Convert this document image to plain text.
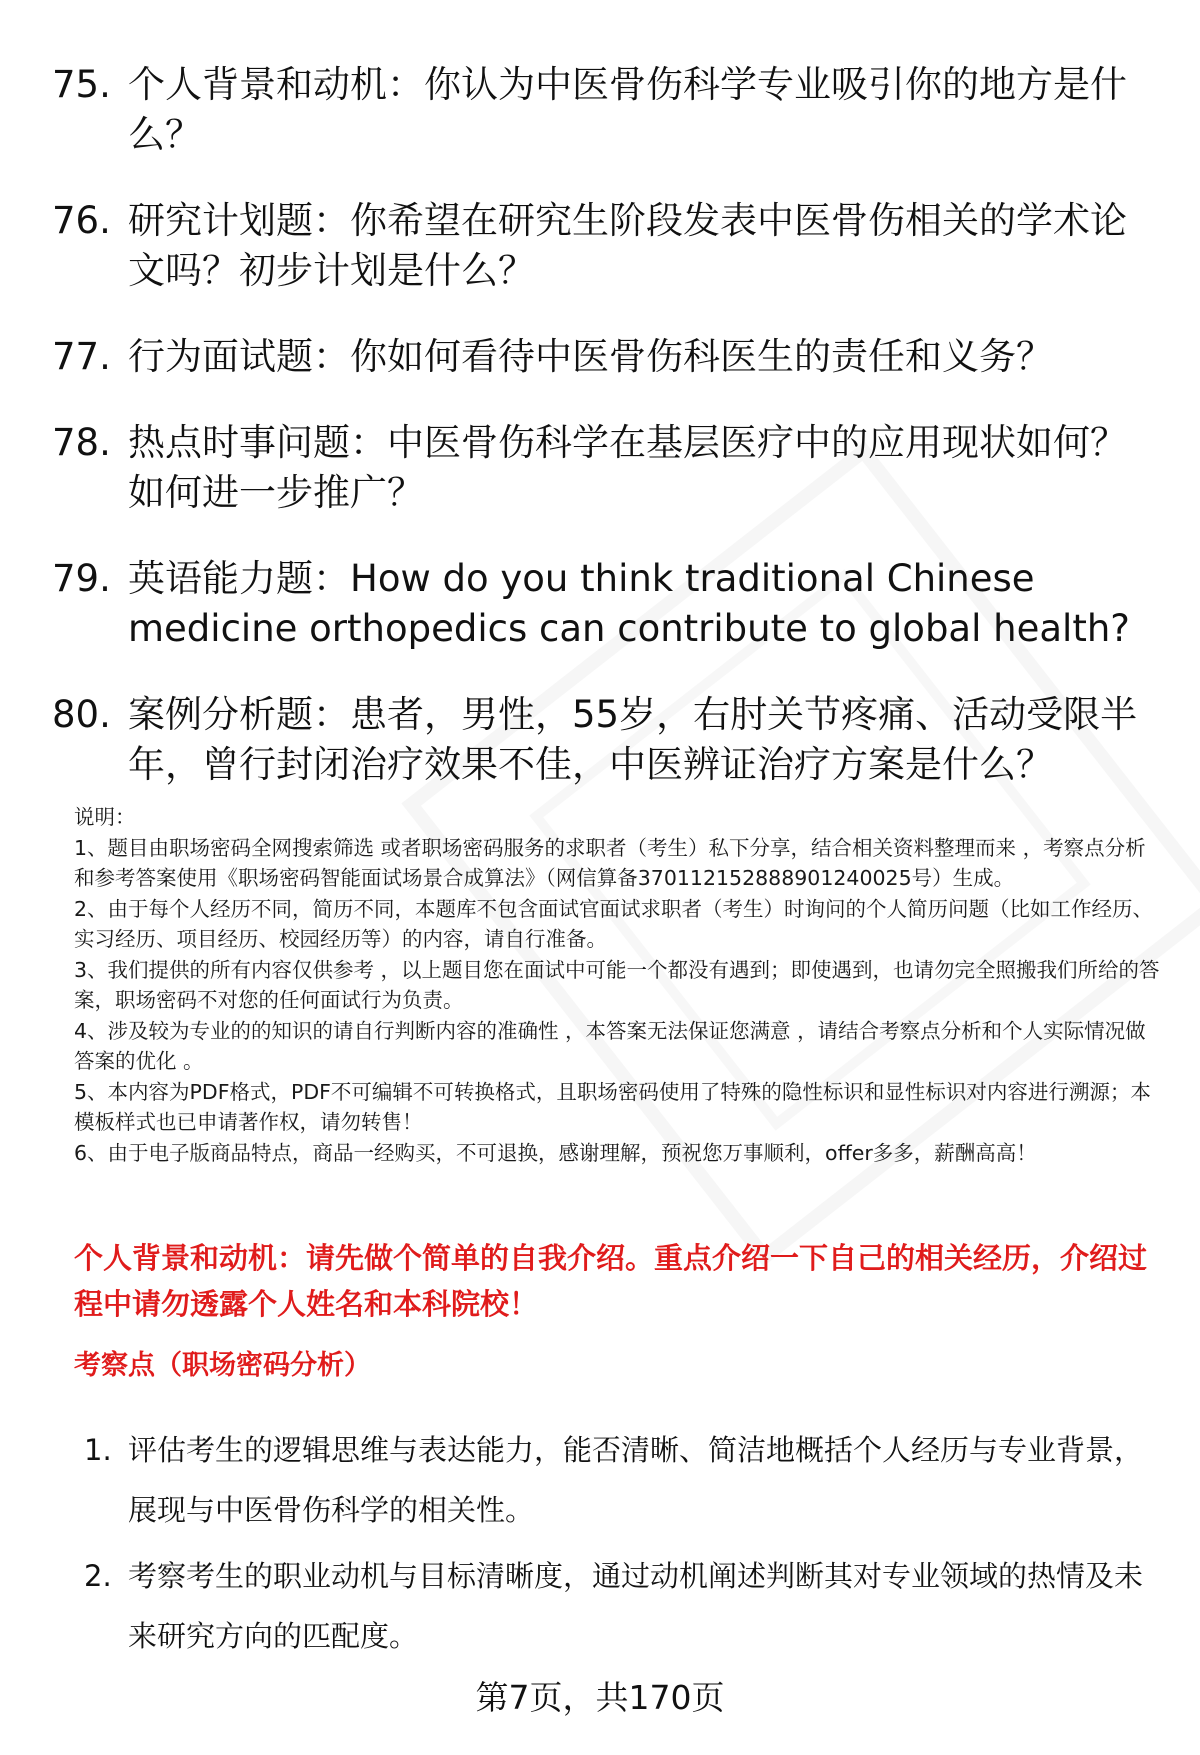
75. 个人背景和动机：你认为中医骨伤科学专业吸引你的地方是什么？
76. 研究计划题：你希望在研究生阶段发表中医骨伤相关的学术论文吗？初步计划是什么？
77. 行为面试题：你如何看待中医骨伤科医生的责任和义务？
78. 热点时事问题：中医骨伤科学在基层医疗中的应用现状如何？如何进一步推广？
79. 英语能力题：How do you think traditional Chinese medicine orthopedics can contribute to global health?
80. 案例分析题：患者，男性，55岁，右肘关节疼痛、活动受限半年，曾行封闭治疗效果不佳，中医辨证治疗方案是什么？

说明：

1、题目由职场密码全网搜索筛选 或者职场密码服务的求职者（考生）私下分享，结合相关资料整理而来 ，考察点分析和参考答案使用《职场密码智能面试场景合成算法》（网信算备370112152888901240025号）生成。

2、由于每个人经历不同，简历不同，本题库不包含面试官面试求职者（考生）时询问的个人简历问题（比如工作经历、实习经历、项目经历、校园经历等）的内容，请自行准备。

3、我们提供的所有内容仅供参考 ，以上题目您在面试中可能一个都没有遇到；即使遇到，也请勿完全照搬我们所给的答案，职场密码不对您的任何面试行为负责。

4、涉及较为专业的的知识的请自行判断内容的准确性 ，本答案无法保证您满意 ，请结合考察点分析和个人实际情况做答案的优化 。

5、本内容为PDF格式，PDF不可编辑不可转换格式，且职场密码使用了特殊的隐性标识和显性标识对内容进行溯源；本模板样式也已申请著作权，请勿转售！

6、由于电子版商品特点，商品一经购买，不可退换，感谢理解，预祝您万事顺利，offer多多，薪酬高高！

个人背景和动机：请先做个简单的自我介绍。重点介绍一下自己的相关经历，介绍过程中请勿透露个人姓名和本科院校！
考察点（职场密码分析）
1. 评估考生的逻辑思维与表达能力，能否清晰、简洁地概括个人经历与专业背景，展现与中医骨伤科学的相关性。
2. 考察考生的职业动机与目标清晰度，通过动机阐述判断其对专业领域的热情及未来研究方向的匹配度。
第7页，共170页
